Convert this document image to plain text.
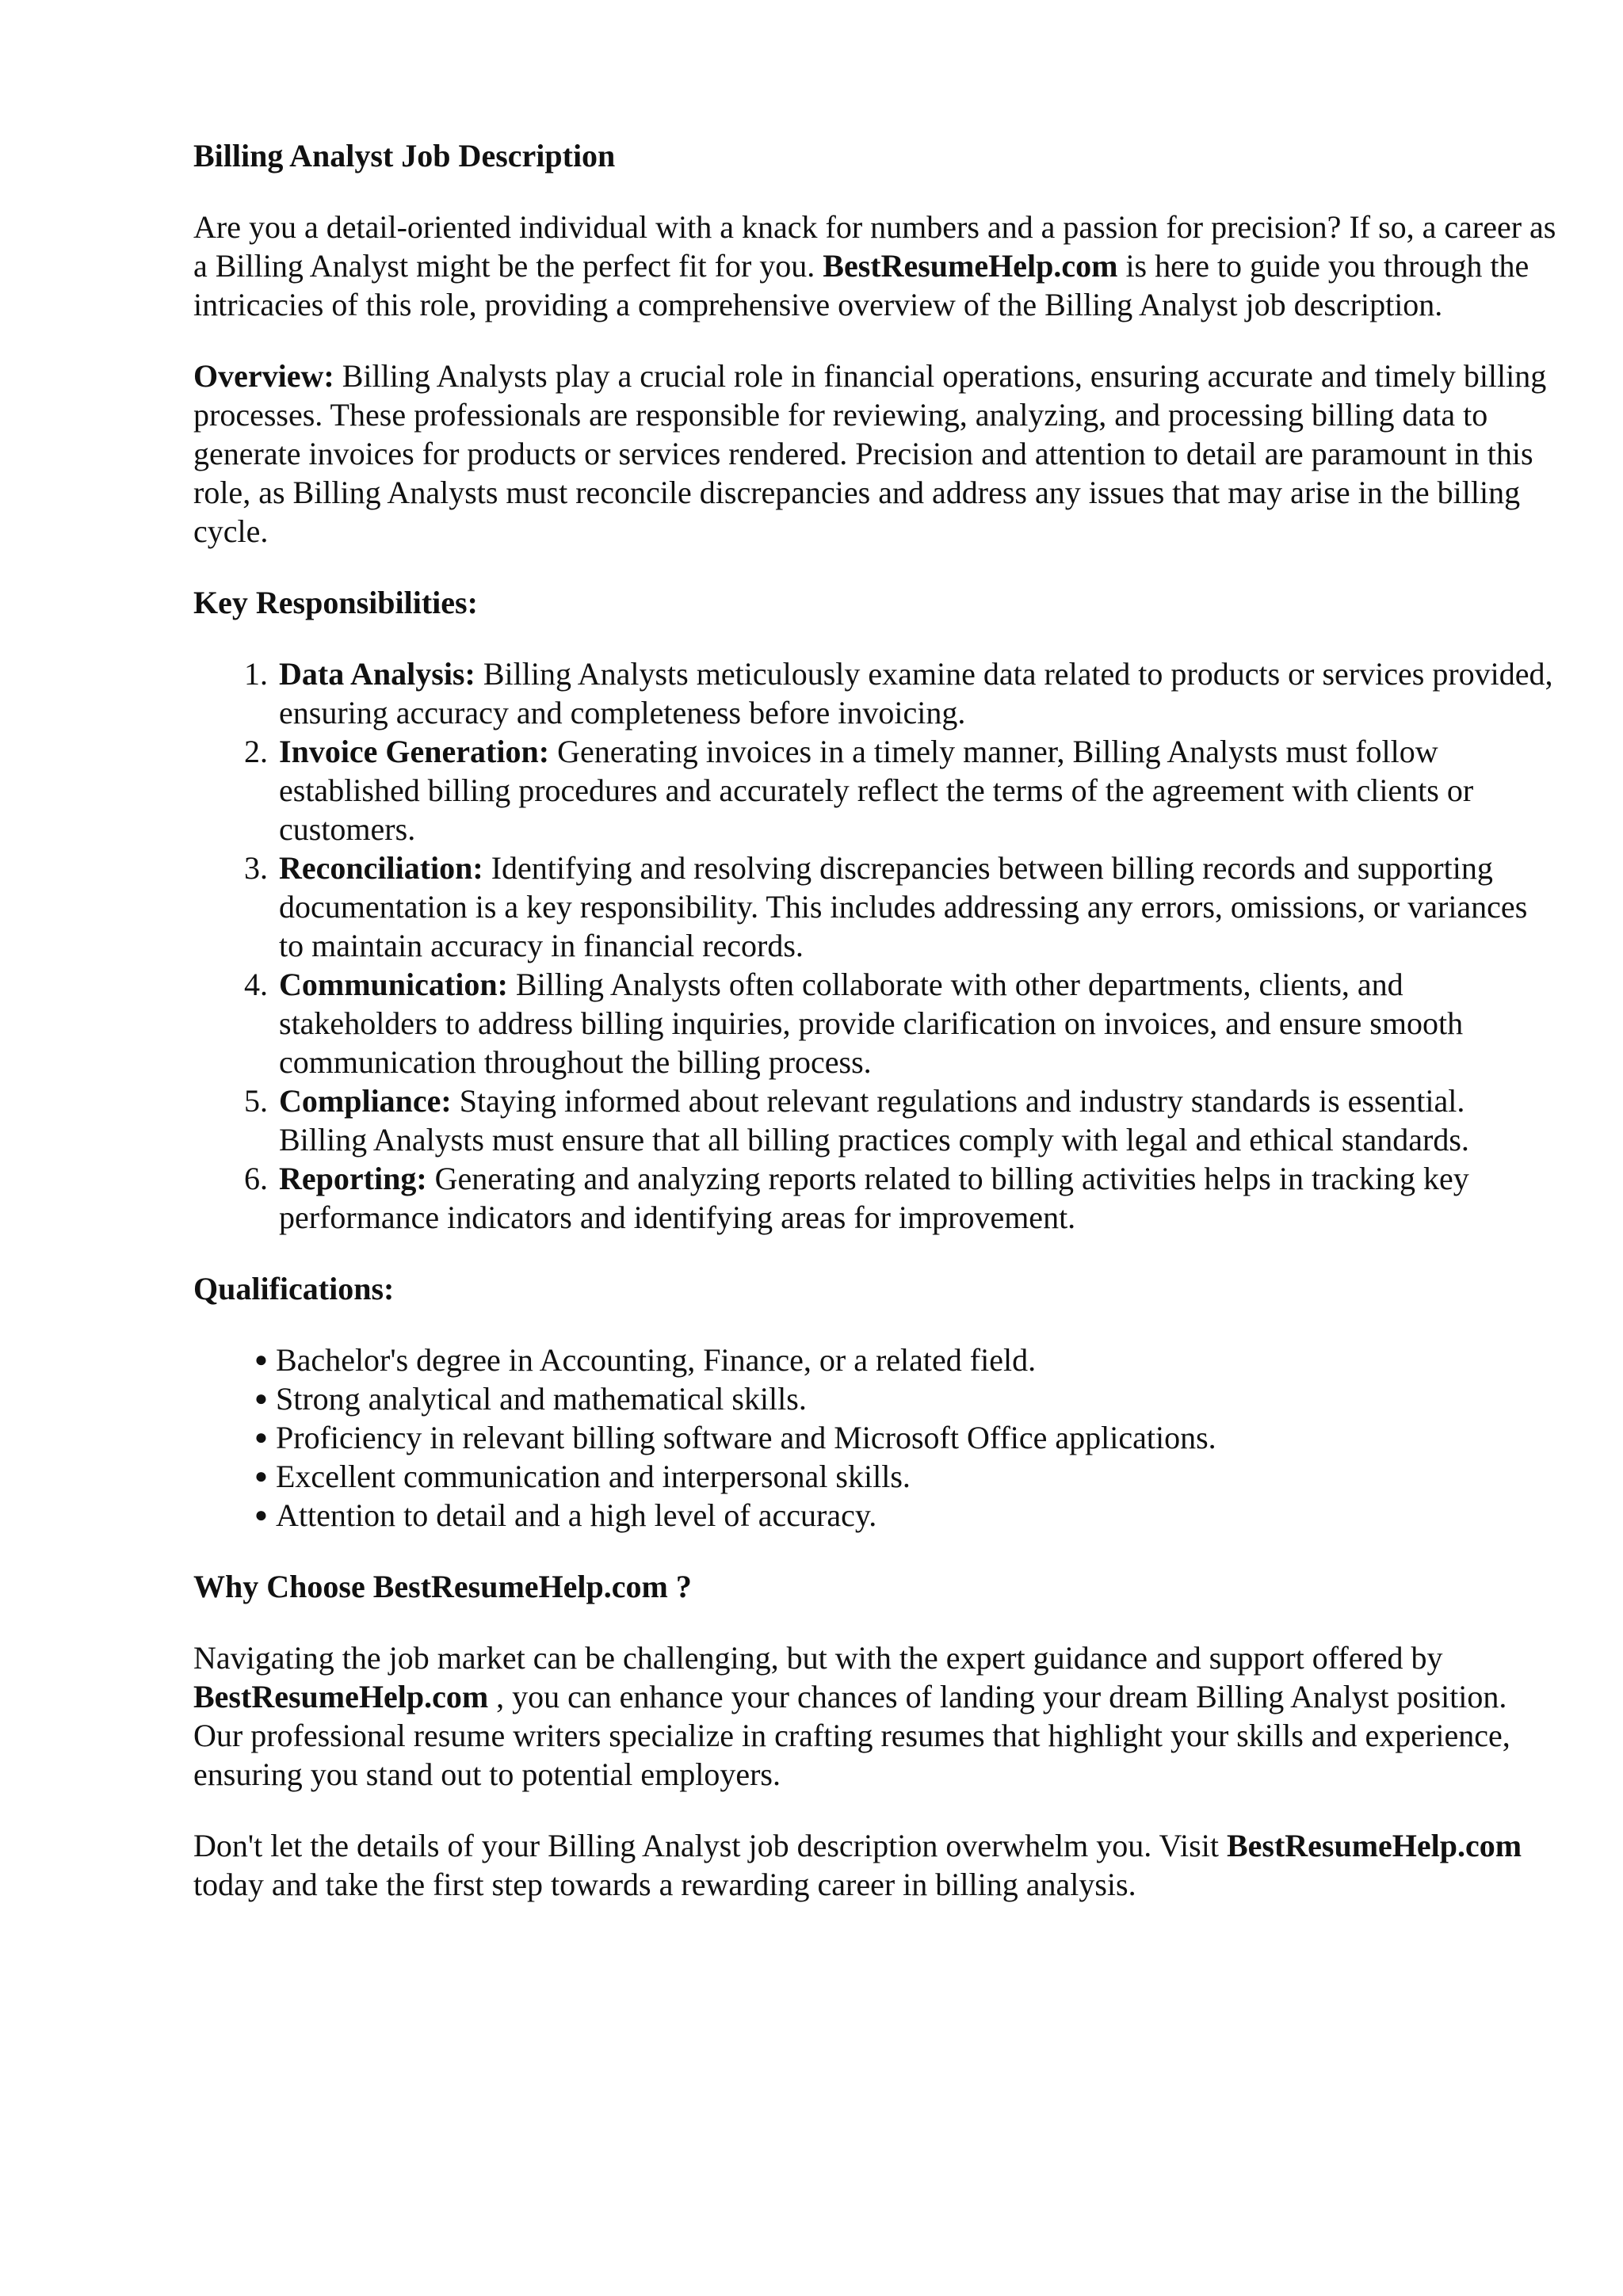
Billing Analyst Job Description

Are you a detail-oriented individual with a knack for numbers and a passion for precision? If so, a career as a Billing Analyst might be the perfect fit for you. BestResumeHelp.com is here to guide you through the intricacies of this role, providing a comprehensive overview of the Billing Analyst job description.

Overview: Billing Analysts play a crucial role in financial operations, ensuring accurate and timely billing processes. These professionals are responsible for reviewing, analyzing, and processing billing data to generate invoices for products or services rendered. Precision and attention to detail are paramount in this role, as Billing Analysts must reconcile discrepancies and address any issues that may arise in the billing cycle.

Key Responsibilities:
1. Data Analysis: Billing Analysts meticulously examine data related to products or services provided, ensuring accuracy and completeness before invoicing.
2. Invoice Generation: Generating invoices in a timely manner, Billing Analysts must follow established billing procedures and accurately reflect the terms of the agreement with clients or customers.
3. Reconciliation: Identifying and resolving discrepancies between billing records and supporting documentation is a key responsibility. This includes addressing any errors, omissions, or variances to maintain accuracy in financial records.
4. Communication: Billing Analysts often collaborate with other departments, clients, and stakeholders to address billing inquiries, provide clarification on invoices, and ensure smooth communication throughout the billing process.
5. Compliance: Staying informed about relevant regulations and industry standards is essential. Billing Analysts must ensure that all billing practices comply with legal and ethical standards.
6. Reporting: Generating and analyzing reports related to billing activities helps in tracking key performance indicators and identifying areas for improvement.
Qualifications:
● Bachelor's degree in Accounting, Finance, or a related field.
● Strong analytical and mathematical skills.
● Proficiency in relevant billing software and Microsoft Office applications.
● Excellent communication and interpersonal skills.
● Attention to detail and a high level of accuracy.
Why Choose BestResumeHelp.com ?

Navigating the job market can be challenging, but with the expert guidance and support offered by BestResumeHelp.com , you can enhance your chances of landing your dream Billing Analyst position. Our professional resume writers specialize in crafting resumes that highlight your skills and experience, ensuring you stand out to potential employers.

Don't let the details of your Billing Analyst job description overwhelm you. Visit BestResumeHelp.com today and take the first step towards a rewarding career in billing analysis.
